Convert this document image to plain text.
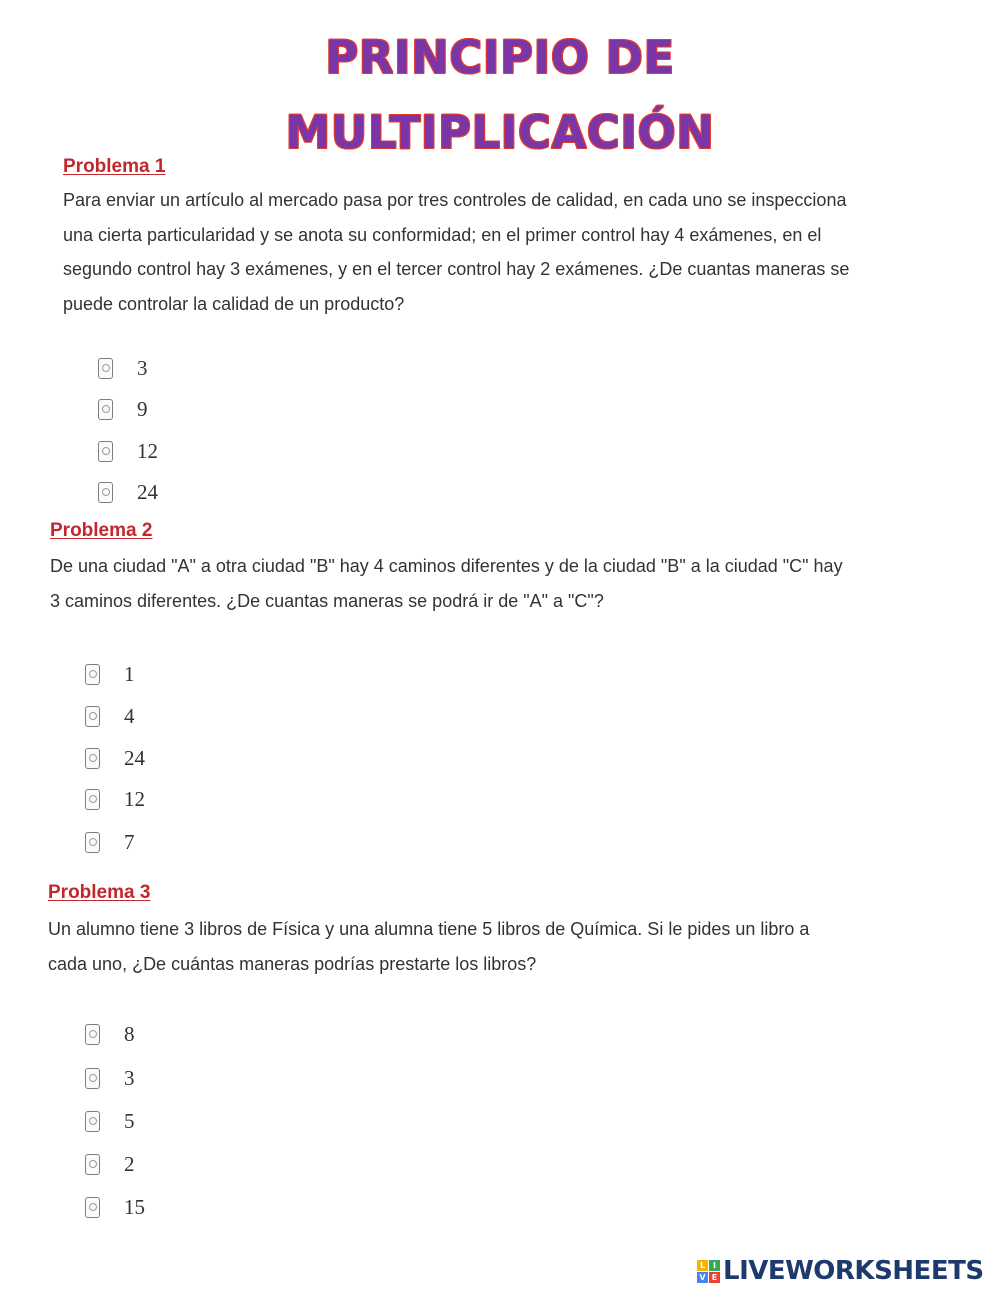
PRINCIPIO DE
MULTIPLICACIÓN
Problema 1
Para enviar un artículo al mercado pasa por tres controles de calidad, en cada uno se inspecciona
una cierta particularidad y se anota su conformidad; en el primer control hay 4 exámenes, en el
segundo control hay 3 exámenes, y en el tercer control hay 2 exámenes. ¿De cuantas maneras se
puede controlar la calidad de un producto?
3
9
12
24
Problema 2
De una ciudad "A" a otra ciudad "B" hay 4 caminos diferentes y de la ciudad "B" a la ciudad "C" hay
3 caminos diferentes. ¿De cuantas maneras se podrá ir de "A" a "C"?
1
4
24
12
7
Problema 3
Un alumno tiene 3 libros de Física y una alumna tiene 5 libros de Química. Si le pides un libro a
cada uno, ¿De cuántas maneras podrías prestarte los libros?
8
3
5
2
15
L I
V E LIVEWORKSHEETS
